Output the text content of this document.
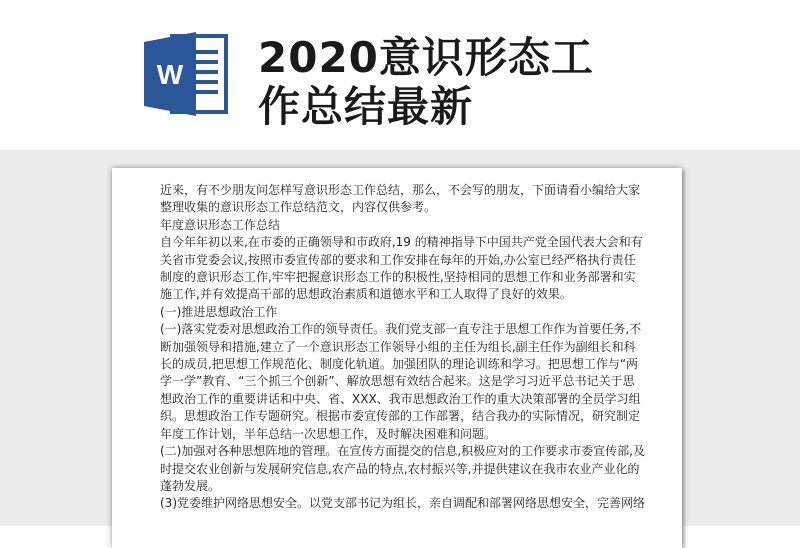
W 2020意识形态工
作总结最新

近来，有不少朋友问怎样写意识形态工作总结，那么，不会写的朋友，下面请看小编给大家整理收集的意识形态工作总结范文，内容仅供参考。

年度意识形态工作总结

自今年年初以来,在市委的正确领导和市政府,19 的精神指导下中国共产党全国代表大会和有关省市党委会议,按照市委宣传部的要求和工作安排在每年的开始,办公室已经严格执行责任制度的意识形态工作,牢牢把握意识形态工作的积极性,坚持相同的思想工作和业务部署和实施工作,并有效提高干部的思想政治素质和道德水平和工人取得了良好的效果。

(一)推进思想政治工作

(一)落实党委对思想政治工作的领导责任。我们党支部一直专注于思想工作作为首要任务,不断加强领导和措施,建立了一个意识形态工作领导小组的主任为组长,副主任作为副组长和科长的成员,把思想工作规范化、制度化轨道。加强团队的理论训练和学习。把思想工作与“两学一学”教育、“三个抓三个创新”、解放思想有效结合起来。这是学习习近平总书记关于思想政治工作的重要讲话和中央、省、XXX、我市思想政治工作的重大决策部署的全员学习组织。思想政治工作专题研究。根据市委宣传部的工作部署，结合我办的实际情况，研究制定年度工作计划，半年总结一次思想工作，及时解决困难和问题。

(二)加强对各种思想阵地的管理。在宣传方面提交的信息,积极应对的工作要求市委宣传部,及时提交农业创新与发展研究信息,农产品的特点,农村振兴等,并提供建议在我市农业产业化的蓬勃发展。

(3)党委维护网络思想安全。以党支部书记为组长，亲自调配和部署网络思想安全，完善网络
